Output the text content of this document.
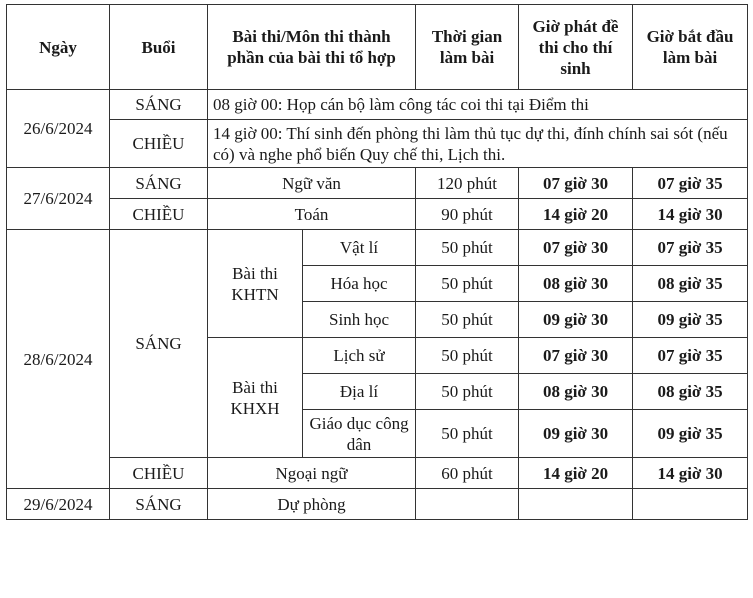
Ngày	Buổi	Bài thi/Môn thi thành phần của bài thi tổ hợp		Thời gian làm bài	Giờ phát đề thi cho thí sinh	Giờ bắt đầu làm bài
26/6/2024	SÁNG	08 giờ 00: Họp cán bộ làm công tác coi thi tại Điểm thi				
	CHIỀU	14 giờ 00: Thí sinh đến phòng thi làm thủ tục dự thi, đính chính sai sót (nếu có) và nghe phổ biến Quy chế thi, Lịch thi.				
27/6/2024	SÁNG	Ngữ văn		120 phút	07 giờ 30	07 giờ 35
	CHIỀU	Toán		90 phút	14 giờ 20	14 giờ 30
28/6/2024	SÁNG	Bài thi KHTN	Vật lí	50 phút	07 giờ 30	07 giờ 35
			Hóa học	50 phút	08 giờ 30	08 giờ 35
			Sinh học	50 phút	09 giờ 30	09 giờ 35
		Bài thi KHXH	Lịch sử	50 phút	07 giờ 30	07 giờ 35
			Địa lí	50 phút	08 giờ 30	08 giờ 35
			Giáo dục công dân	50 phút	09 giờ 30	09 giờ 35
	CHIỀU	Ngoại ngữ		60 phút	14 giờ 20	14 giờ 30
29/6/2024	SÁNG	Dự phòng				
